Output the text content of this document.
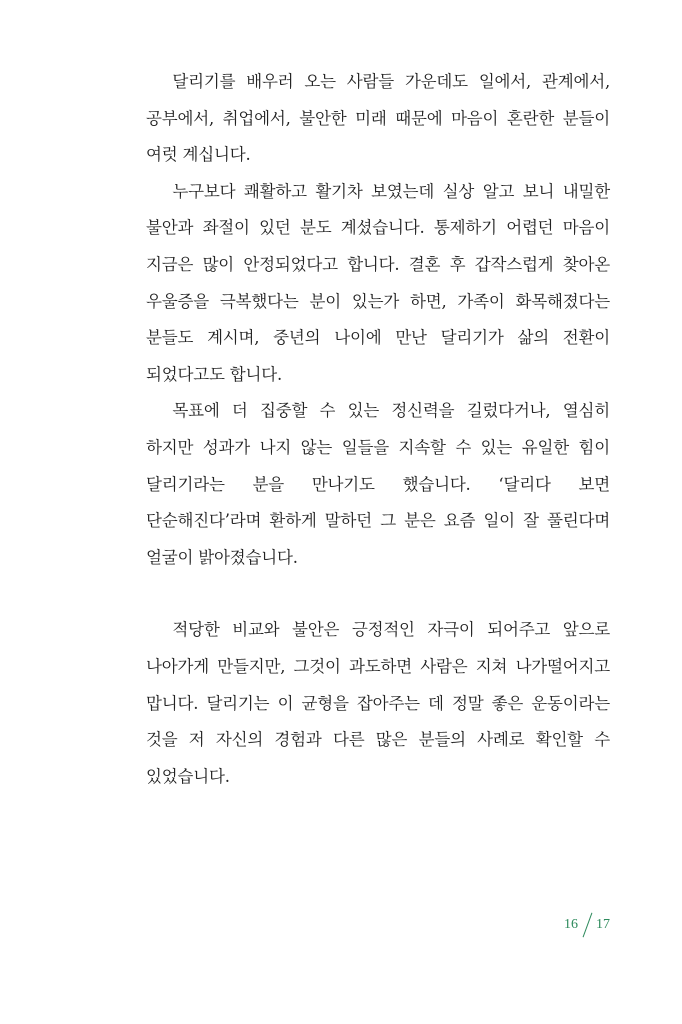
달리기를 배우러 오는 사람들 가운데도 일에서, 관계에서, 공부에서, 취업에서, 불안한 미래 때문에 마음이 혼란한 분들이 여럿 계십니다.

누구보다 쾌활하고 활기차 보였는데 실상 알고 보니 내밀한 불안과 좌절이 있던 분도 계셨습니다. 통제하기 어렵던 마음이 지금은 많이 안정되었다고 합니다. 결혼 후 갑작스럽게 찾아온 우울증을 극복했다는 분이 있는가 하면, 가족이 화목해졌다는 분들도 계시며, 중년의 나이에 만난 달리기가 삶의 전환이 되었다고도 합니다.

목표에 더 집중할 수 있는 정신력을 길렀다거나, 열심히 하지만 성과가 나지 않는 일들을 지속할 수 있는 유일한 힘이 달리기라는 분을 만나기도 했습니다. ‘달리다 보면 단순해진다’라며 환하게 말하던 그 분은 요즘 일이 잘 풀린다며 얼굴이 밝아졌습니다.

적당한 비교와 불안은 긍정적인 자극이 되어주고 앞으로 나아가게 만들지만, 그것이 과도하면 사람은 지쳐 나가떨어지고 맙니다. 달리기는 이 균형을 잡아주는 데 정말 좋은 운동이라는 것을 저 자신의 경험과 다른 많은 분들의 사례로 확인할 수 있었습니다.

16 17
